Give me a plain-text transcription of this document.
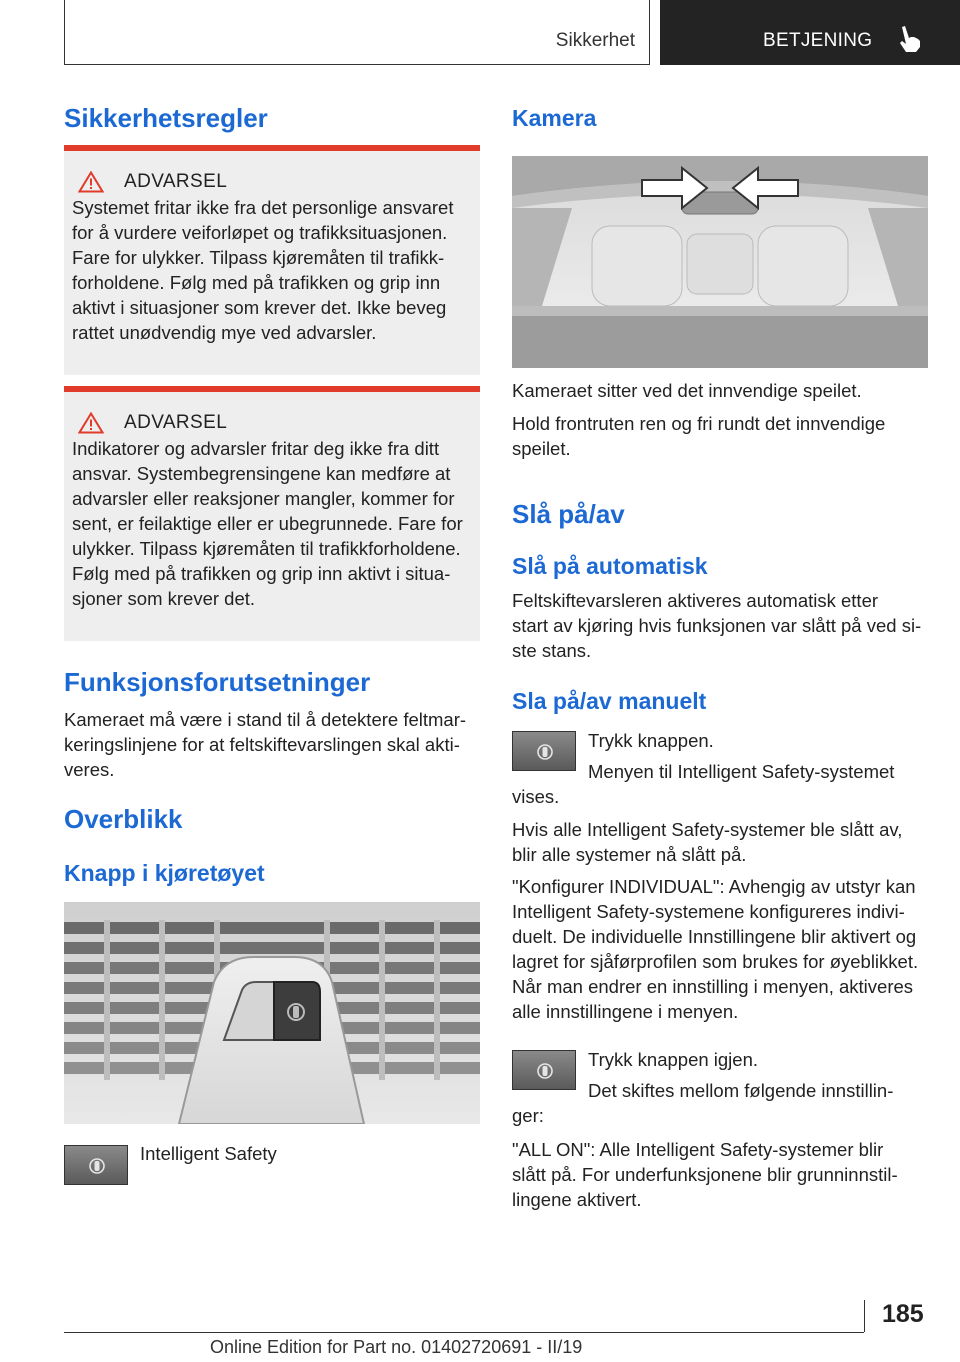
Sikkerhet	BETJENING
Sikkerhetsregler
ADVARSEL
Systemet fritar ikke fra det personlige ansvaret
for å vurdere veiforløpet og trafikksituasjonen.
Fare for ulykker. Tilpass kjøremåten til trafikk-
forholdene. Følg med på trafikken og grip inn
aktivt i situasjoner som krever det. Ikke beveg
rattet unødvendig mye ved advarsler.
ADVARSEL
Indikatorer og advarsler fritar deg ikke fra ditt
ansvar. Systembegrensingene kan medføre at
advarsler eller reaksjoner mangler, kommer for
sent, er feilaktige eller er ubegrunnede. Fare for
ulykker. Tilpass kjøremåten til trafikkforholdene.
Følg med på trafikken og grip inn aktivt i situa-
sjoner som krever det.
Funksjonsforutsetninger
Kameraet må være i stand til å detektere feltmar-
keringslinjene for at feltskiftevarslingen skal akti-
veres.
Overblikk
Knapp i kjøretøyet
Intelligent Safety
Kamera
Kameraet sitter ved det innvendige speilet.
Hold frontruten ren og fri rundt det innvendige
speilet.
Slå på/av
Slå på automatisk
Feltskiftevarsleren aktiveres automatisk etter
start av kjøring hvis funksjonen var slått på ved si-
ste stans.
Sla på/av manuelt
Trykk knappen.
Menyen til Intelligent Safety-systemet
vises.
Hvis alle Intelligent Safety-systemer ble slått av,
blir alle systemer nå slått på.
"Konfigurer INDIVIDUAL": Avhengig av utstyr kan
Intelligent Safety-systemene konfigureres indivi-
duelt. De individuelle Innstillingene blir aktivert og
lagret for sjåførprofilen som brukes for øyeblikket.
Når man endrer en innstilling i menyen, aktiveres
alle innstillingene i menyen.
Trykk knappen igjen.
Det skiftes mellom følgende innstillin-
ger:
"ALL ON": Alle Intelligent Safety-systemer blir
slått på. For underfunksjonene blir grunninnstil-
lingene aktivert.
185
Online Edition for Part no. 01402720691 - II/19
